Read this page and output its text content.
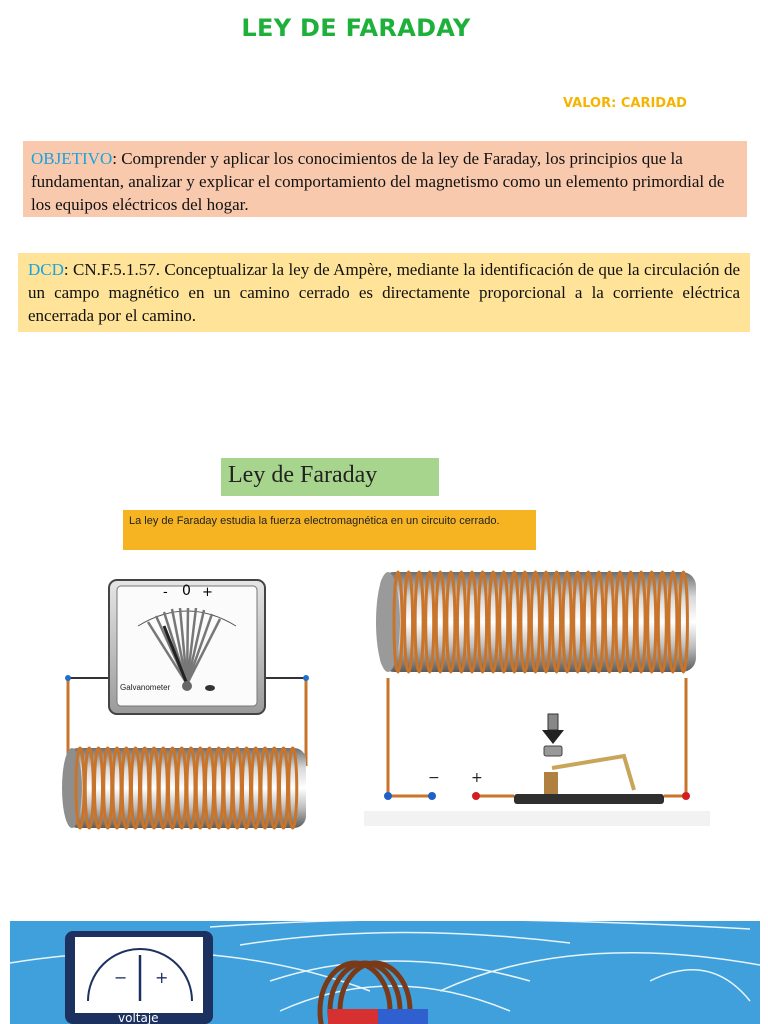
LEY DE FARADAY
VALOR: CARIDAD
OBJETIVO: Comprender y aplicar los conocimientos de la ley de Faraday, los principios que la fundamentan, analizar y explicar el comportamiento del magnetismo como un elemento primordial de los equipos eléctricos del hogar.
DCD: CN.F.5.1.57. Conceptualizar la ley de Ampère, mediante la identificación de que la circulación de un campo magnético en un camino cerrado es directamente proporcional a la corriente eléctrica encerrada por el camino.
Ley de Faraday
La ley de Faraday estudia la fuerza electromagnética en un circuito cerrado.
- 0 +
Galvanometer
− +
− +
voltaje
